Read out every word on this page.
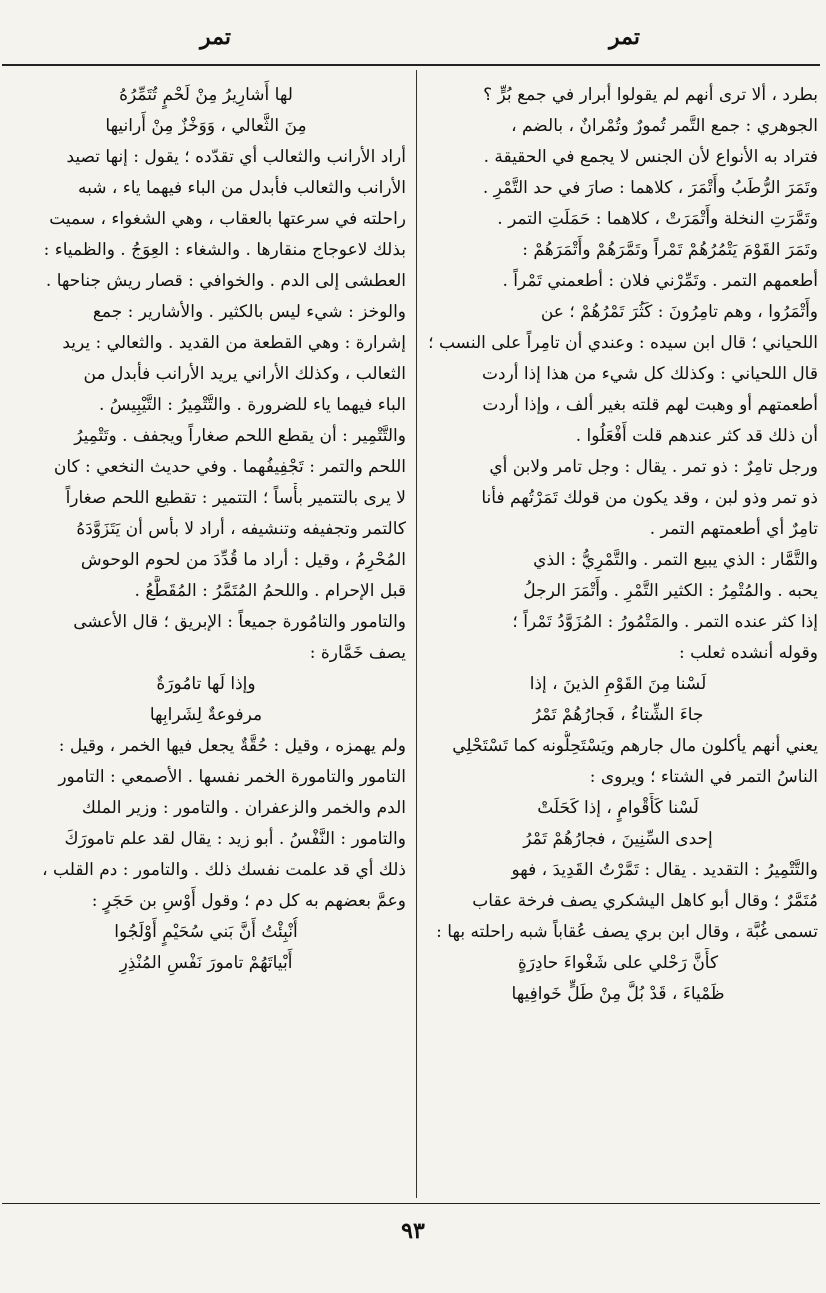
تمر
تمر
بطرد ، ألا ترى أنهم لم يقولوا أبرار في جمع بُرٍّ ؟
الجوهري : جمع التَّمر تُمورٌ وتُمْرانٌ ، بالضم ،
فتراد به الأنواع لأن الجنس لا يجمع في الحقيقة .
وتَمَرَ الرُّطَبُ وأَتْمَرَ ، كلاهما : صارَ في حد التَّمْرِ .
وتَمَّرَتِ النخلة وأَتْمَرَتْ ، كلاهما : حَمَلَتِ التمر .
وتَمَرَ القَوْمَ يَتْمُرُهُمْ تَمْراً وتَمَّرَهُمْ وأَتْمَرَهُمْ :
أطعمهم التمر . وتَمِّرْني فلان : أطعمني تَمْراً .
وأَتْمَرُوا ، وهم تامِرُونَ : كَثُرَ تَمْرُهُمْ ؛ عن
اللحياني ؛ قال ابن سيده : وعندي أن تامِراً على النسب ؛
قال اللحياني : وكذلك كل شيء من هذا إذا أردت
أطعمتهم أو وهبت لهم قلته بغير ألف ، وإذا أردت
أن ذلك قد كثر عندهم قلت أَفْعَلُوا .
ورجل تامِرٌ : ذو تمر . يقال : وجل تامر ولابن أي
ذو تمر وذو لبن ، وقد يكون من قولك تَمَرْتُهم فأنا
تامِرٌ أي أطعمتهم التمر .
والتَّمَّار : الذي يبيع التمر . والتَّمْرِيُّ : الذي
يحبه . والمُتْمِرُ : الكثير التَّمْرِ . وأَتْمَرَ الرجلُ
إذا كثر عنده التمر . والمَتْمُورُ : المُزَوَّدُ تَمْراً ؛
وقوله أنشده ثعلب :
لَسْنا مِنَ القَوْمِ الذينَ ، إذا
جاءَ الشِّتاءُ ، فَجارُهُمْ تَمْرُ
يعني أنهم يأكلون مال جارهم ويَسْتَحِلُّونه كما تَسْتَحْلِي
الناسُ التمر في الشتاء ؛ ويروى :
لَسْنا كَأَقْوامٍ ، إذا كَحَلَتْ
إحدى السِّنِينَ ، فجارُهُمْ تَمْرُ
والتَّتْمِيرُ : التقديد . يقال : تَمَّرْتُ القَدِيدَ ، فهو
مُتَمَّرٌ ؛ وقال أبو كاهل اليشكري يصف فرخة عقاب
تسمى غُبَّة ، وقال ابن بري يصف عُقاباً شبه راحلته بها :
كأَنَّ رَحْلي على شَغْواءَ حادِرَةٍ
ظَمْياءَ ، قَدْ بُلَّ مِنْ طَلٍّ خَوافِيها
لها أَشارِيرُ مِنْ لَحْمٍ تُتَمِّرُهُ
مِنَ الثَّعالي ، وَوَخْزٌ مِنْ أَرانيها
أراد الأرانب والثعالب أي تقدّده ؛ يقول : إنها تصيد
الأرانب والثعالب فأبدل من الباء فيهما ياء ، شبه
راحلته في سرعتها بالعقاب ، وهي الشغواء ، سميت
بذلك لاعوجاج منقارها . والشغاء : العِوَجُ . والظمياء :
العطشى إلى الدم . والخوافي : قصار ريش جناحها .
والوخز : شيء ليس بالكثير . والأشارير : جمع
إشرارة : وهي القطعة من القديد . والثعالي : يريد
الثعالب ، وكذلك الأراني يريد الأرانب فأبدل من
الباء فيهما ياء للضرورة . والتَّتْمِيرُ : التَّيْبِيسُ .
والتَّتْمِير : أن يقطع اللحم صغاراً ويجفف . وتَتْمِيرُ
اللحم والتمر : تَجْفِيفُهما . وفي حديث النخعي : كان
لا يرى بالتتمير بأْساً ؛ التتمير : تقطيع اللحم صغاراً
كالتمر وتجفيفه وتنشيفه ، أراد لا بأس أن يَتَزَوَّدَهُ
المُحْرِمُ ، وقيل : أراد ما قُدِّدَ من لحوم الوحوش
قبل الإحرام . واللحمُ المُتَمَّرُ : المُقَطَّعُ .
والتامور والتامُورة جميعاً : الإبريق ؛ قال الأعشى
يصف خَمَّارة :
وإذا لَها تامُورَةٌ
مرفوعةٌ لِشَرابِها
ولم يهمزه ، وقيل : حُقَّةٌ يجعل فيها الخمر ، وقيل :
التامور والتامورة الخمر نفسها . الأصمعي : التامور
الدم والخمر والزعفران . والتامور : وزير الملك
والتامور : النَّفْسُ . أبو زيد : يقال لقد علم تامورَكَ
ذلك أي قد علمت نفسك ذلك . والتامور : دم القلب ،
وعمَّ بعضهم به كل دم ؛ وقول أَوْسِ بن حَجَرٍ :
أُنْبِئْتُ أَنَّ بَني سُحَيْمٍ أَوْلَجُوا
أَبْياتَهُمْ تامورَ نَفْسِ المُنْذِرِ
٩٣
